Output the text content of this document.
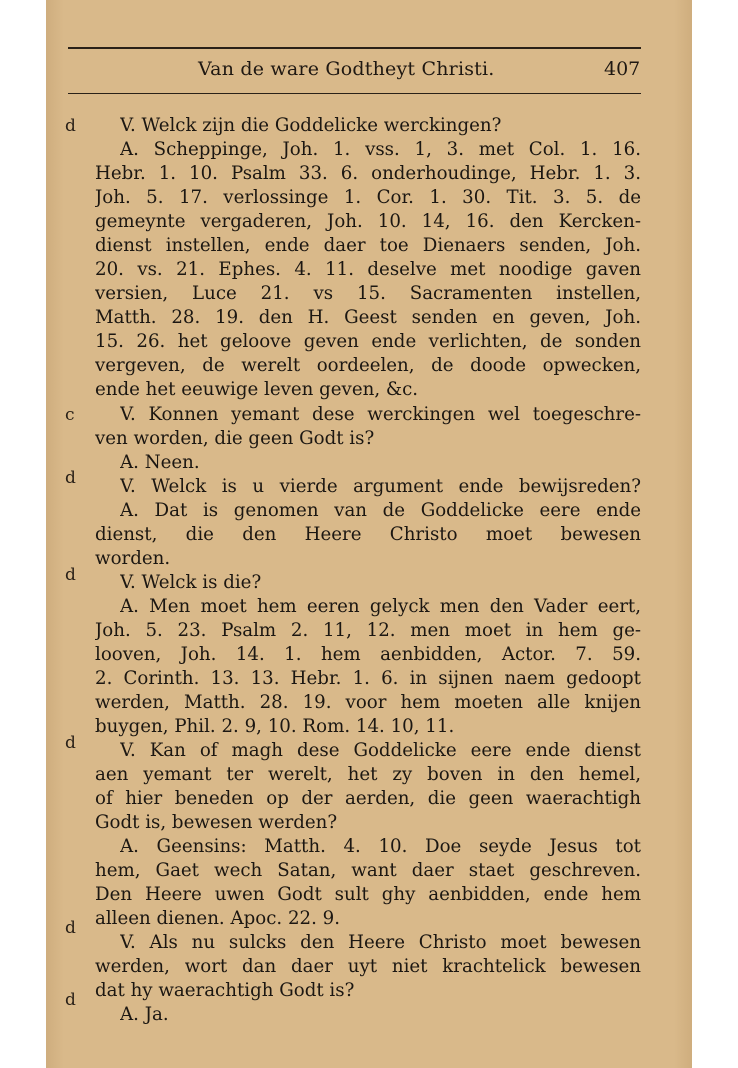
Van de ware Godtheyt Christi.	407
d
c
d
d
d
d
d
V. Welck zijn die Goddelicke werckingen?
A. Scheppinge, Joh. 1. vss. 1, 3. met Col. 1. 16.
Hebr. 1. 10. Psalm 33. 6. onderhoudinge, Hebr. 1. 3.
Joh. 5. 17. verlossinge 1. Cor. 1. 30. Tit. 3. 5. de
gemeynte vergaderen, Joh. 10. 14, 16. den Kercken-
dienst instellen, ende daer toe Dienaers senden, Joh.
20. vs. 21. Ephes. 4. 11. deselve met noodige gaven
versien, Luce 21. vs 15. Sacramenten instellen,
Matth. 28. 19. den H. Geest senden en geven, Joh.
15. 26. het geloove geven ende verlichten, de sonden
vergeven, de werelt oordeelen, de doode opwecken,
ende het eeuwige leven geven, &c.
V. Konnen yemant dese werckingen wel toegeschre-
ven worden, die geen Godt is?
A. Neen.
V. Welck is u vierde argument ende bewijsreden?
A. Dat is genomen van de Goddelicke eere ende
dienst, die den Heere Christo moet bewesen
worden.
V. Welck is die?
A. Men moet hem eeren gelyck men den Vader eert,
Joh. 5. 23. Psalm 2. 11, 12. men moet in hem ge-
looven, Joh. 14. 1. hem aenbidden, Actor. 7. 59.
2. Corinth. 13. 13. Hebr. 1. 6. in sijnen naem gedoopt
werden, Matth. 28. 19. voor hem moeten alle knijen
buygen, Phil. 2. 9, 10. Rom. 14. 10, 11.
V. Kan of magh dese Goddelicke eere ende dienst
aen yemant ter werelt, het zy boven in den hemel,
of hier beneden op der aerden, die geen waerachtigh
Godt is, bewesen werden?
A. Geensins: Matth. 4. 10. Doe seyde Jesus tot
hem, Gaet wech Satan, want daer staet geschreven.
Den Heere uwen Godt sult ghy aenbidden, ende hem
alleen dienen. Apoc. 22. 9.
V. Als nu sulcks den Heere Christo moet bewesen
werden, wort dan daer uyt niet krachtelick bewesen
dat hy waerachtigh Godt is?
A. Ja.
